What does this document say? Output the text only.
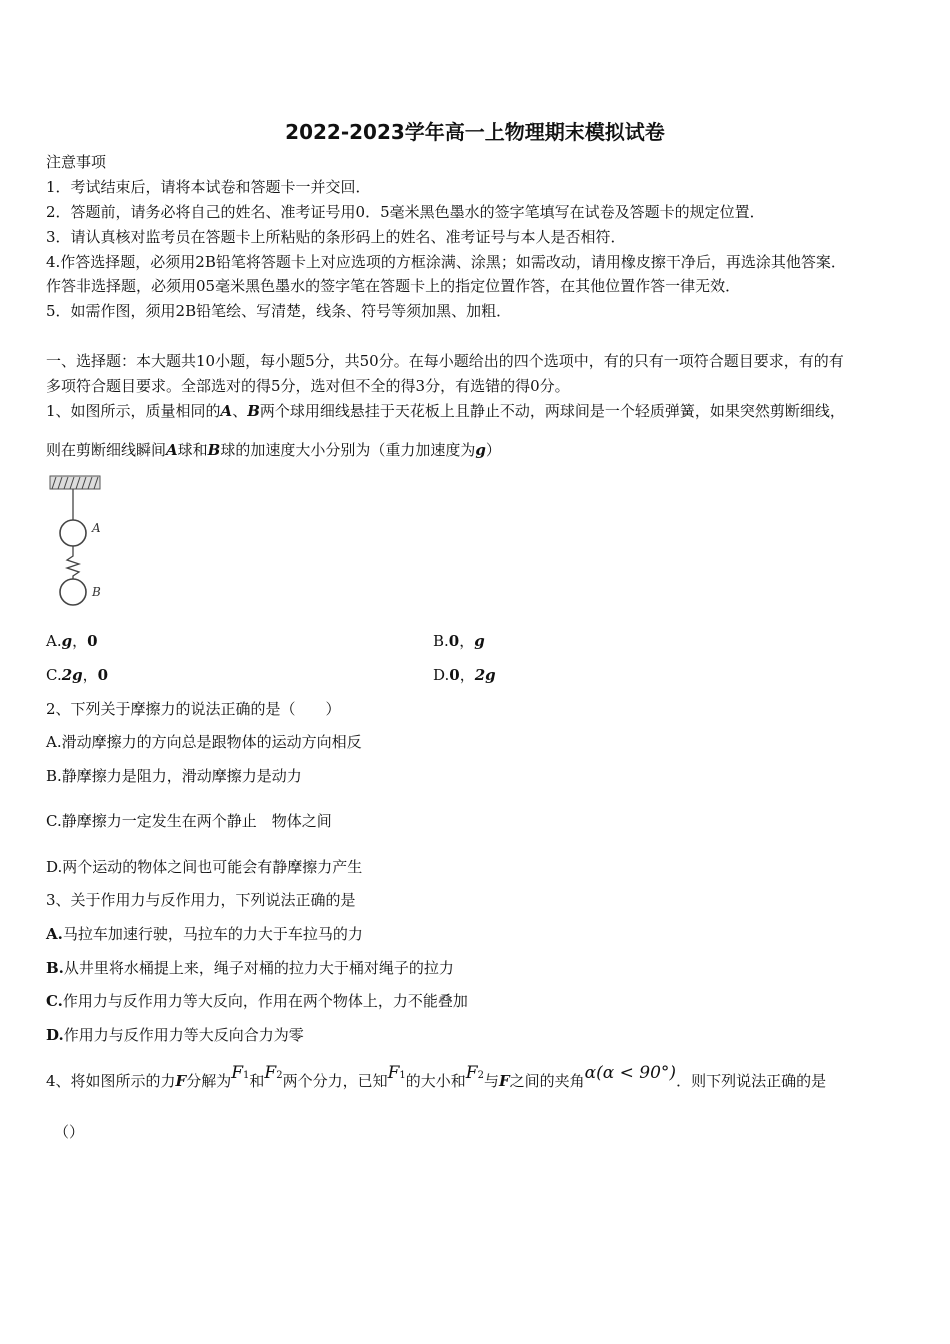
2022-2023学年高一上物理期末模拟试卷
注意事项
1．考试结束后，请将本试卷和答题卡一并交回．
2．答题前，请务必将自己的姓名、准考证号用0．5毫米黑色墨水的签字笔填写在试卷及答题卡的规定位置．
3．请认真核对监考员在答题卡上所粘贴的条形码上的姓名、准考证号与本人是否相符．
4.作答选择题，必须用2B铅笔将答题卡上对应选项的方框涂满、涂黑；如需改动，请用橡皮擦干净后，再选涂其他答案．
作答非选择题，必须用05毫米黑色墨水的签字笔在答题卡上的指定位置作答，在其他位置作答一律无效．
5．如需作图，须用2B铅笔绘、写清楚，线条、符号等须加黑、加粗．
一、选择题：本大题共10小题，每小题5分，共50分。在每小题给出的四个选项中，有的只有一项符合题目要求，有的有
多项符合题目要求。全部选对的得5分，选对但不全的得3分，有选错的得0分。
1、如图所示，质量相同的A、B两个球用细线悬挂于天花板上且静止不动，两球间是一个轻质弹簧，如果突然剪断细线，
则在剪断细线瞬间A球和B球的加速度大小分别为（重力加速度为g）
A
B
A.g，0	B.0，g
C.2g，0	D.0，2g
2、下列关于摩擦力的说法正确的是（　　）
A.滑动摩擦力的方向总是跟物体的运动方向相反
B.静摩擦力是阻力，滑动摩擦力是动力
C.静摩擦力一定发生在两个静止　物体之间
D.两个运动的物体之间也可能会有静摩擦力产生
3、关于作用力与反作用力，下列说法正确的是
A.马拉车加速行驶，马拉车的力大于车拉马的力
B.从井里将水桶提上来，绳子对桶的拉力大于桶对绳子的拉力
C.作用力与反作用力等大反向，作用在两个物体上，力不能叠加
D.作用力与反作用力等大反向合力为零
4、将如图所示的力F分解为F1和F2两个分力，已知F1的大小和F2与F之间的夹角α(α < 90°)．则下列说法正确的是
（）
